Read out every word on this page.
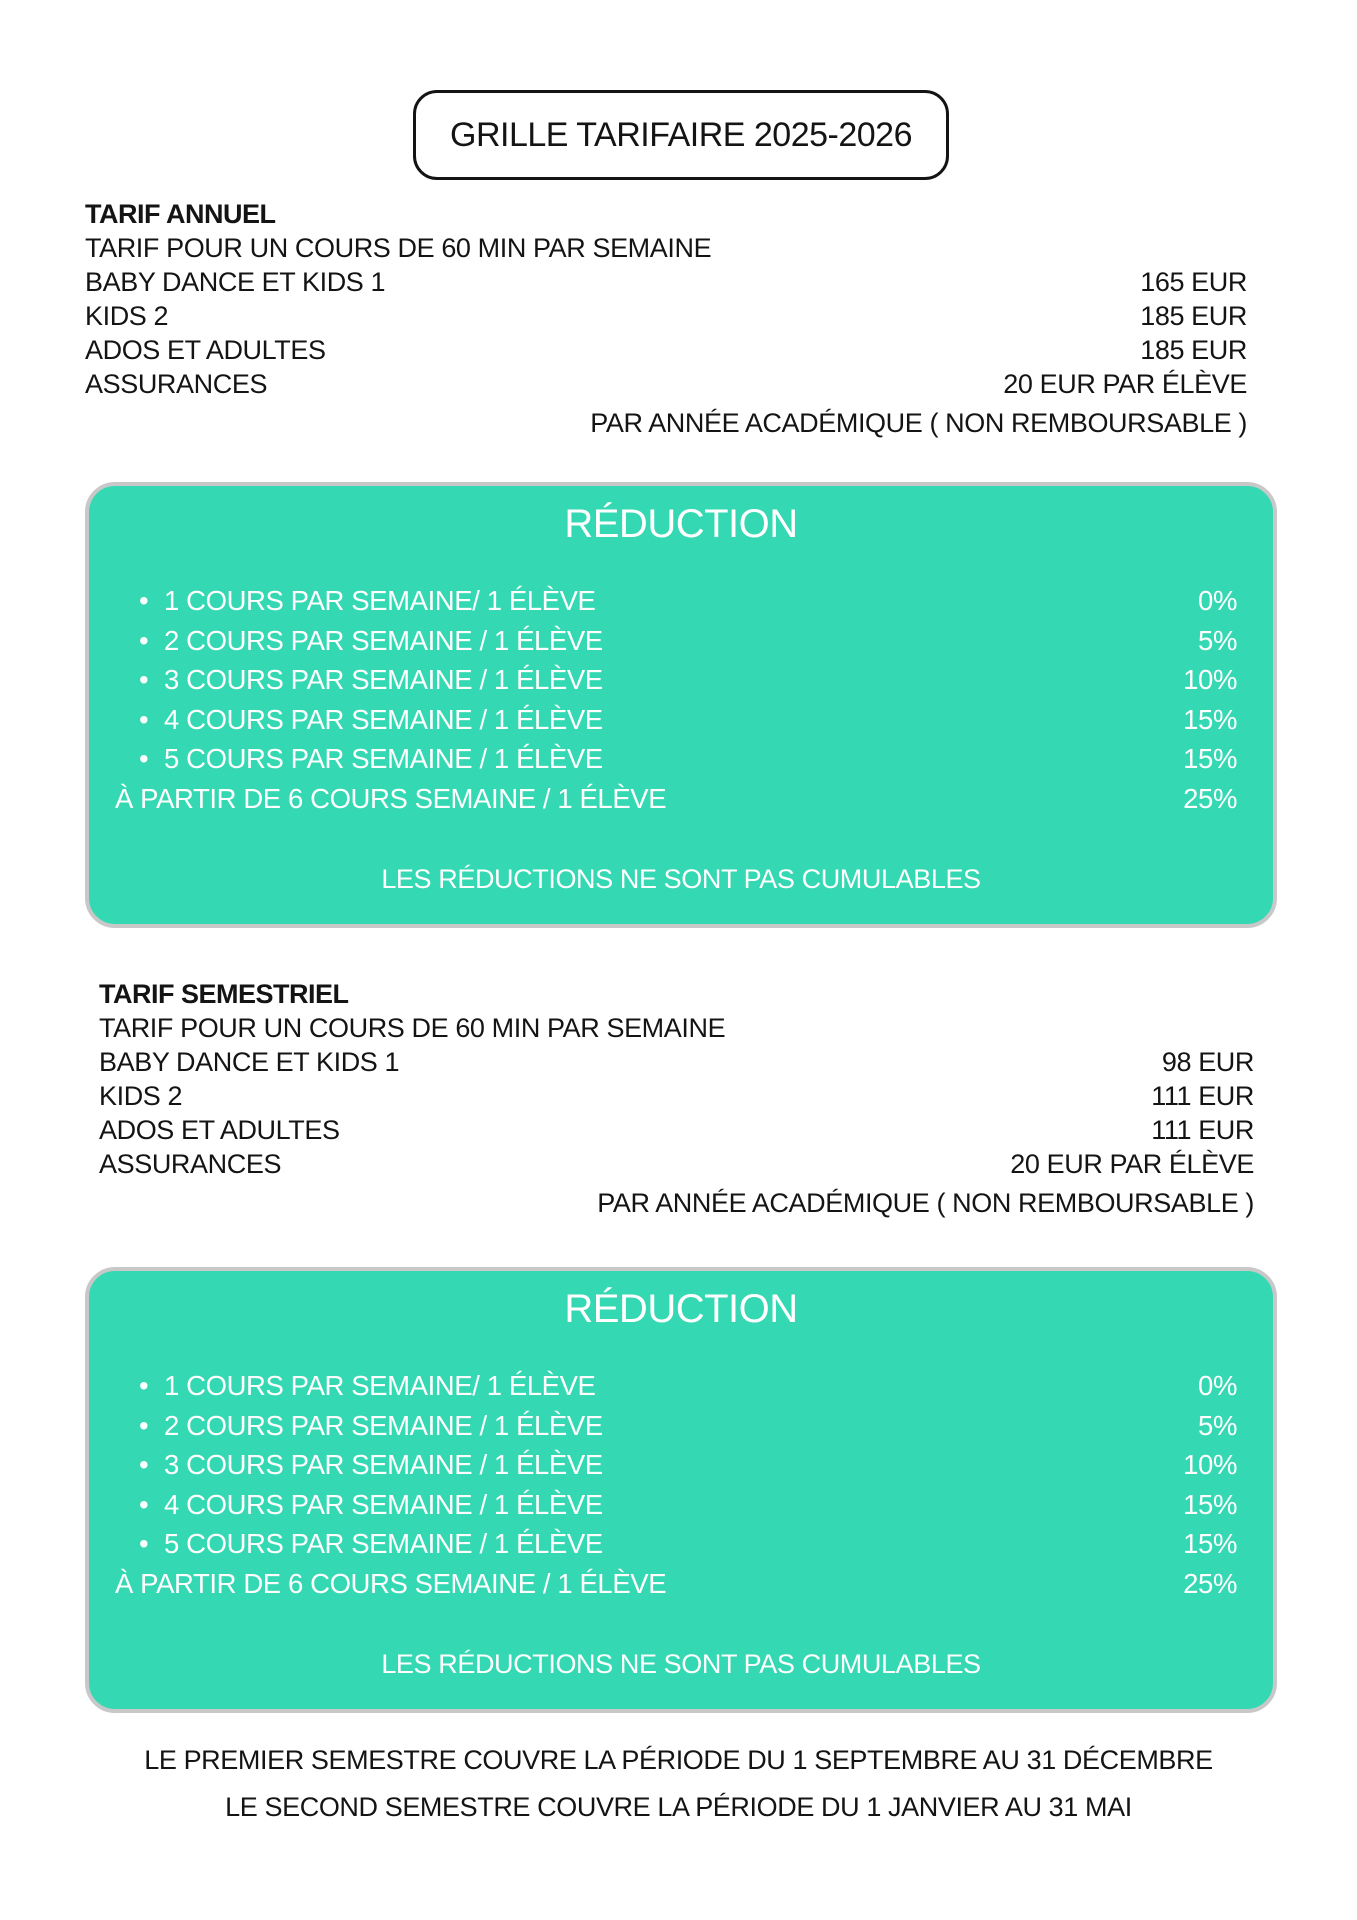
GRILLE TARIFAIRE 2025-2026
TARIF ANNUEL
TARIF POUR UN COURS DE 60 MIN PAR SEMAINE
BABY DANCE ET KIDS 1	165 EUR
KIDS 2	185 EUR
ADOS ET ADULTES	185 EUR
ASSURANCES	20 EUR PAR ÉLÈVE
PAR ANNÉE ACADÉMIQUE ( NON REMBOURSABLE )
RÉDUCTION
• 1 COURS PAR SEMAINE/ 1 ÉLÈVE	0%
• 2 COURS PAR SEMAINE / 1 ÉLÈVE	5%
• 3 COURS PAR SEMAINE / 1 ÉLÈVE	10%
• 4 COURS PAR SEMAINE / 1 ÉLÈVE	15%
• 5 COURS PAR SEMAINE / 1 ÉLÈVE	15%
À PARTIR DE 6 COURS SEMAINE / 1 ÉLÈVE	25%
LES RÉDUCTIONS NE SONT PAS CUMULABLES
TARIF SEMESTRIEL
TARIF POUR UN COURS DE 60 MIN PAR SEMAINE
BABY DANCE ET KIDS 1	98 EUR
KIDS 2	111 EUR
ADOS ET ADULTES	111 EUR
ASSURANCES	20 EUR PAR ÉLÈVE
PAR ANNÉE ACADÉMIQUE ( NON REMBOURSABLE )
RÉDUCTION
• 1 COURS PAR SEMAINE/ 1 ÉLÈVE	0%
• 2 COURS PAR SEMAINE / 1 ÉLÈVE	5%
• 3 COURS PAR SEMAINE / 1 ÉLÈVE	10%
• 4 COURS PAR SEMAINE / 1 ÉLÈVE	15%
• 5 COURS PAR SEMAINE / 1 ÉLÈVE	15%
À PARTIR DE 6 COURS SEMAINE / 1 ÉLÈVE	25%
LES RÉDUCTIONS NE SONT PAS CUMULABLES
LE PREMIER SEMESTRE COUVRE LA PÉRIODE DU 1 SEPTEMBRE AU 31 DÉCEMBRE
LE SECOND SEMESTRE COUVRE LA PÉRIODE DU 1 JANVIER AU 31 MAI
